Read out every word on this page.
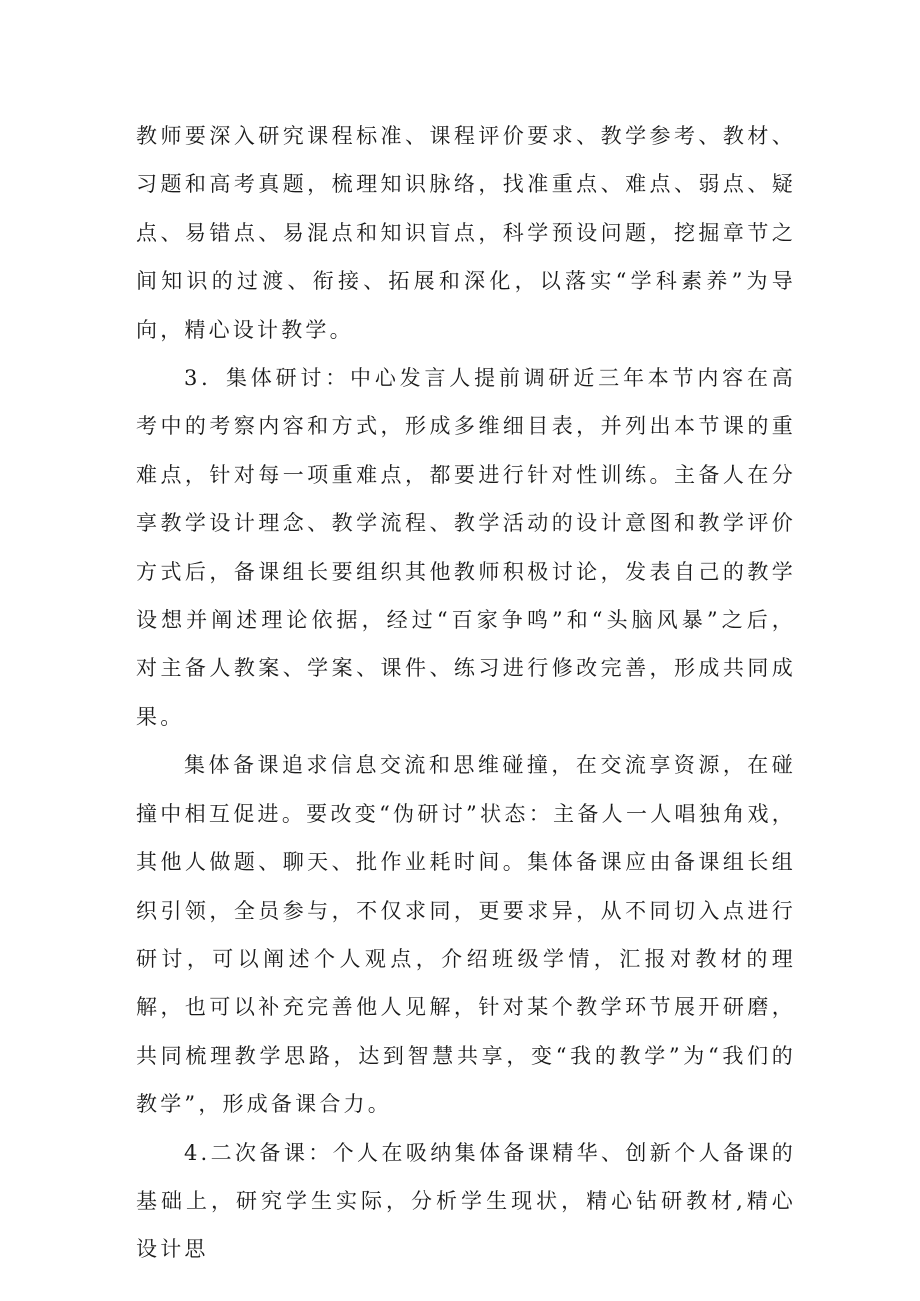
教师要深入研究课程标准、课程评价要求、教学参考、教材、习题和高考真题，梳理知识脉络，找准重点、难点、弱点、疑点、易错点、易混点和知识盲点，科学预设问题，挖掘章节之间知识的过渡、衔接、拓展和深化，以落实“学科素养”为导向，精心设计教学。

3．集体研讨：中心发言人提前调研近三年本节内容在高考中的考察内容和方式，形成多维细目表，并列出本节课的重难点，针对每一项重难点，都要进行针对性训练。主备人在分享教学设计理念、教学流程、教学活动的设计意图和教学评价方式后，备课组长要组织其他教师积极讨论，发表自己的教学设想并阐述理论依据，经过“百家争鸣”和“头脑风暴”之后，对主备人教案、学案、课件、练习进行修改完善，形成共同成果。

集体备课追求信息交流和思维碰撞，在交流享资源，在碰撞中相互促进。要改变“伪研讨”状态：主备人一人唱独角戏，其他人做题、聊天、批作业耗时间。集体备课应由备课组长组织引领，全员参与，不仅求同，更要求异，从不同切入点进行研讨，可以阐述个人观点，介绍班级学情，汇报对教材的理解，也可以补充完善他人见解，针对某个教学环节展开研磨，共同梳理教学思路，达到智慧共享，变“我的教学”为“我们的教学”，形成备课合力。

4.二次备课：个人在吸纳集体备课精华、创新个人备课的基础上，研究学生实际，分析学生现状，精心钻研教材,精心设计思
